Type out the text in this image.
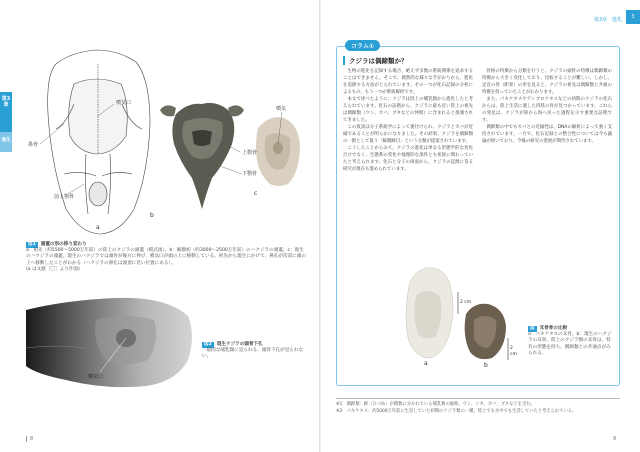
第3章
進化
a
b
c
噴気口
鼻骨
前上顎骨
上顎骨
下顎骨
噴気
図1 頭蓋の形の移り変わり
a：祖先（約5500〜5000万年前）の陸上のクジラの頭蓋（模式図）。b：鯨類初（約3000〜2500万年前）のハクジラの頭蓋。c：現生のハクジラの頭蓋。現生のハクジラでは頭骨が後方に伸び、噴気口が頭の上に移動している。祖先から現生にかけて、鼻孔が次第に頭の上へ移動したことがわかる（ハクジラの鼻孔は頭頂に近い位置にある）。
(a は文献［〇］より作図)
噴気口
図2 現生クジラの頭骨下孔
一般的な哺乳類に見られる、頭骨下孔が見られない。
8
第3章　進化	3
コラム①
クジラは偶蹄類か？

生物の進化を記録する場合、絶えず多数の系統関係を追求することはできません。そこで、偶然的な様々な手がかりから、進化を追跡する方法がとられています。その一つが化石記録の分析によるもの、もう一つが系統解析です。

本文で述べたように、クジラは陸上の哺乳類から進化したと考えられています。化石の証拠から、クジラに最も近い陸上の祖先は偶蹄類（ウシ、カバ、ブタなどの仲間）に含まれると推測されてきました。

この仮説は分子系統学によって裏付けられ、クジラとカバが近縁であることが明らかになりました。その結果、クジラを偶蹄類の一群として扱う「鯨偶蹄目」という分類が提案されています。

こうしたことからみて、クジラの進化は単なる形態学的な変化だけでなく、生態系の変化や地理的な条件とも密接に関わっていたと考えられます。化石と分子の両面から、クジラの起源に迫る研究が現在も進められています。

骨格の特徴から分類を行うと、クジラの頭骨の特徴は偶蹄類の特徴から大きく変化しており、比較することが難しい。しかし、足首の骨（距骨）の形を見ると、クジラの祖先は偶蹄類と共通の特徴を持っていたことがわかります。

また、パキケタスやアンブロケタスなどの初期のクジラの化石からは、陸上生活に適した四肢の骨が見つかっています。これらの発見は、クジラが陸から海へ戻った過程を示す重要な証拠です。

偶蹄類の中でもカバとの近縁性は、DNAの解析によって強く支持されています。一方で、化石記録との整合性については今も議論が続いており、今後の研究の進展が期待されています。

a	b
2 cm
2 cm
図 耳骨骨の比較
a：パキケタスの耳骨。b：現生のハクジラの耳骨。陸上のクジラ類の耳骨は、特有の形態を持ち、偶蹄類との共通点がみられる。
※1　偶蹄類：蹄（ひづめ）が偶数に分かれている哺乳類の総称。ウシ、シカ、カバ、ブタなどを含む。
※2　パキケタス：約5000万年前に生息していた初期のクジラ類の一種。陸上でも水中でも生活していたと考えられている。
9
